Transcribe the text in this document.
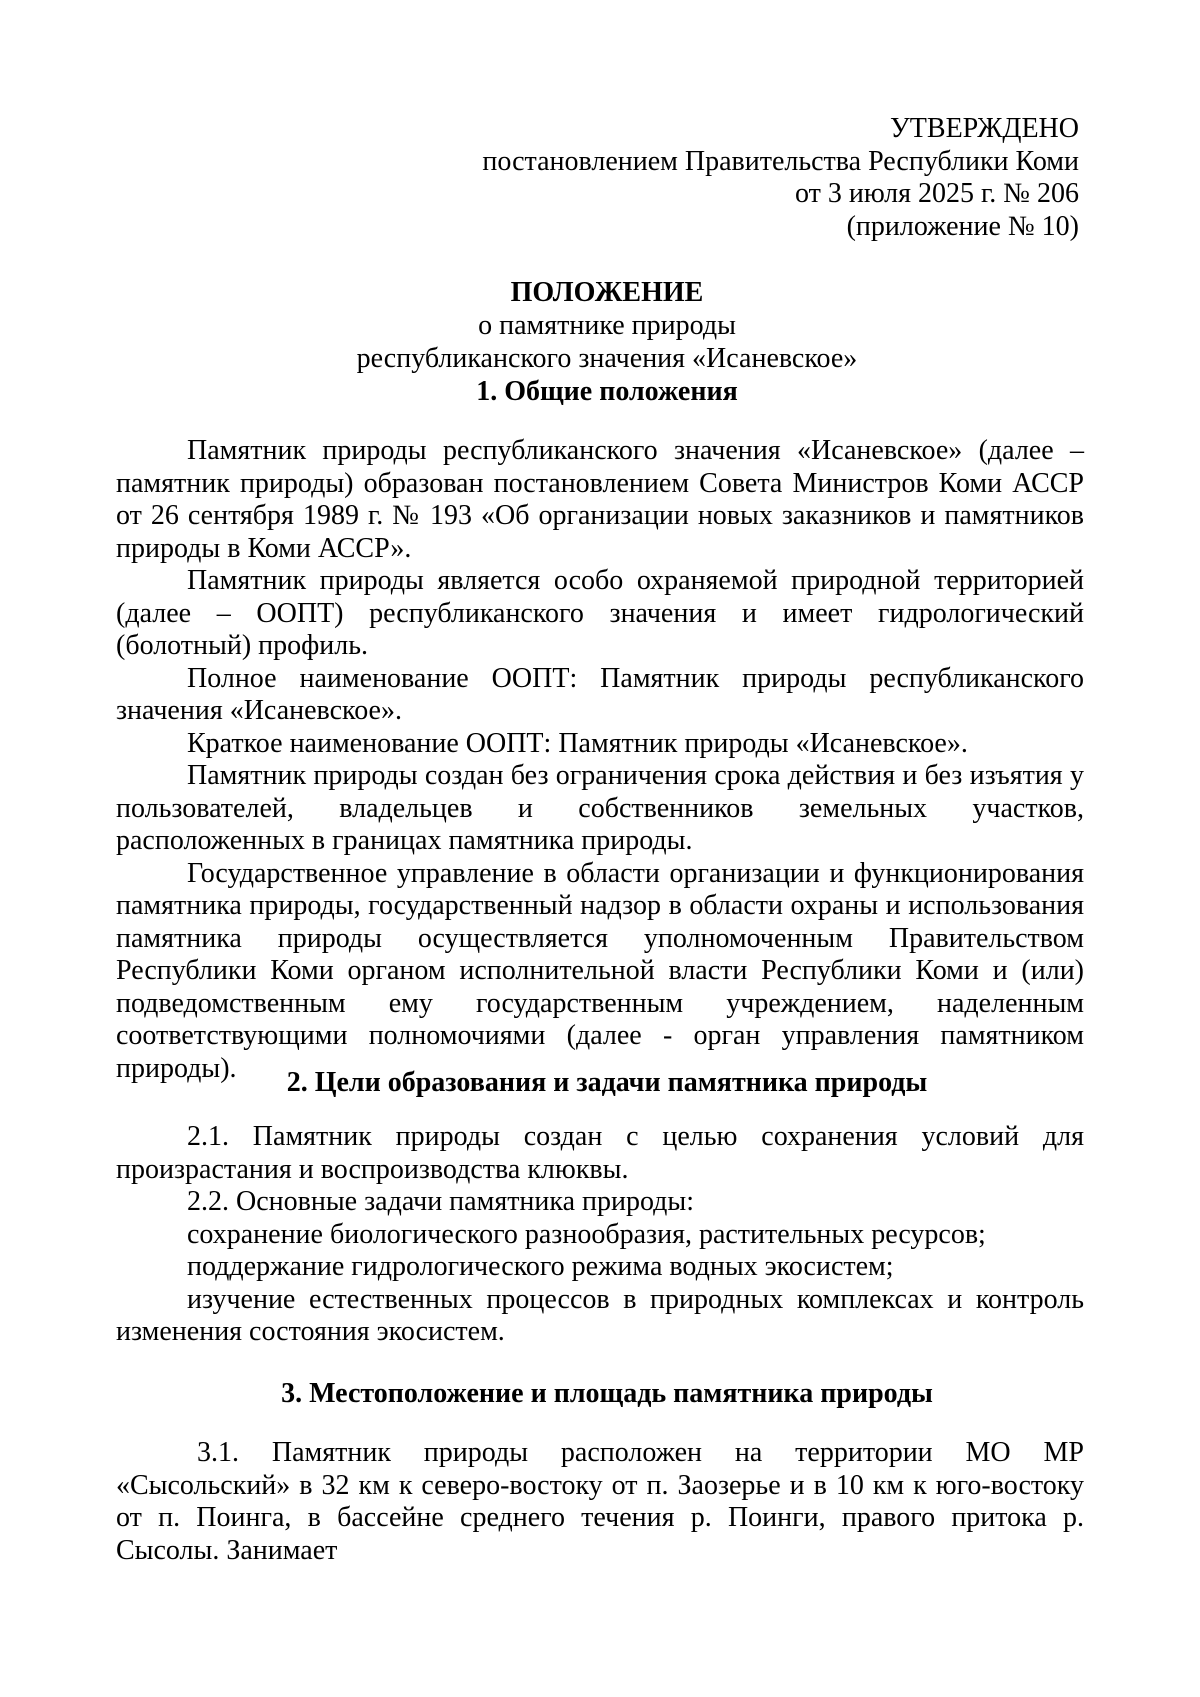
УТВЕРЖДЕНО
постановлением Правительства Республики Коми
от 3 июля 2025 г. № 206
(приложение № 10)
ПОЛОЖЕНИЕ
о памятнике природы
республиканского значения «Исаневское»
1. Общие положения

Памятник природы республиканского значения «Исаневское» (далее – памятник природы) образован постановлением Совета Министров Коми АССР от 26 сентября 1989 г. № 193 «Об организации новых заказников и памятников природы в Коми АССР».

Памятник природы является особо охраняемой природной территорией (далее – ООПТ) республиканского значения и имеет гидрологический (болотный) профиль.

Полное наименование ООПТ: Памятник природы республиканского значения «Исаневское».

Краткое наименование ООПТ: Памятник природы «Исаневское».

Памятник природы создан без ограничения срока действия и без изъятия у пользователей, владельцев и собственников земельных участков, расположенных в границах памятника природы.

Государственное управление в области организации и функционирования памятника природы, государственный надзор в области охраны и использования памятника природы осуществляется уполномоченным Правительством Республики Коми органом исполнительной власти Республики Коми и (или) подведомственным ему государственным учреждением, наделенным соответствующими полномочиями (далее - орган управления памятником природы).	2. Цели образования и задачи памятника природы

2.1. Памятник природы создан с целью сохранения условий для произрастания и воспроизводства клюквы.

2.2. Основные задачи памятника природы:

сохранение биологического разнообразия, растительных ресурсов;

поддержание гидрологического режима водных экосистем;

изучение естественных процессов в природных комплексах и контроль изменения состояния экосистем.

3. Местоположение и площадь памятника природы

3.1. Памятник природы расположен на территории МО МР «Сысольский» в 32 км к северо-востоку от п. Заозерье и в 10 км к юго-востоку от п. Поинга, в бассейне среднего течения р. Поинги, правого притока р. Сысолы. Занимает
